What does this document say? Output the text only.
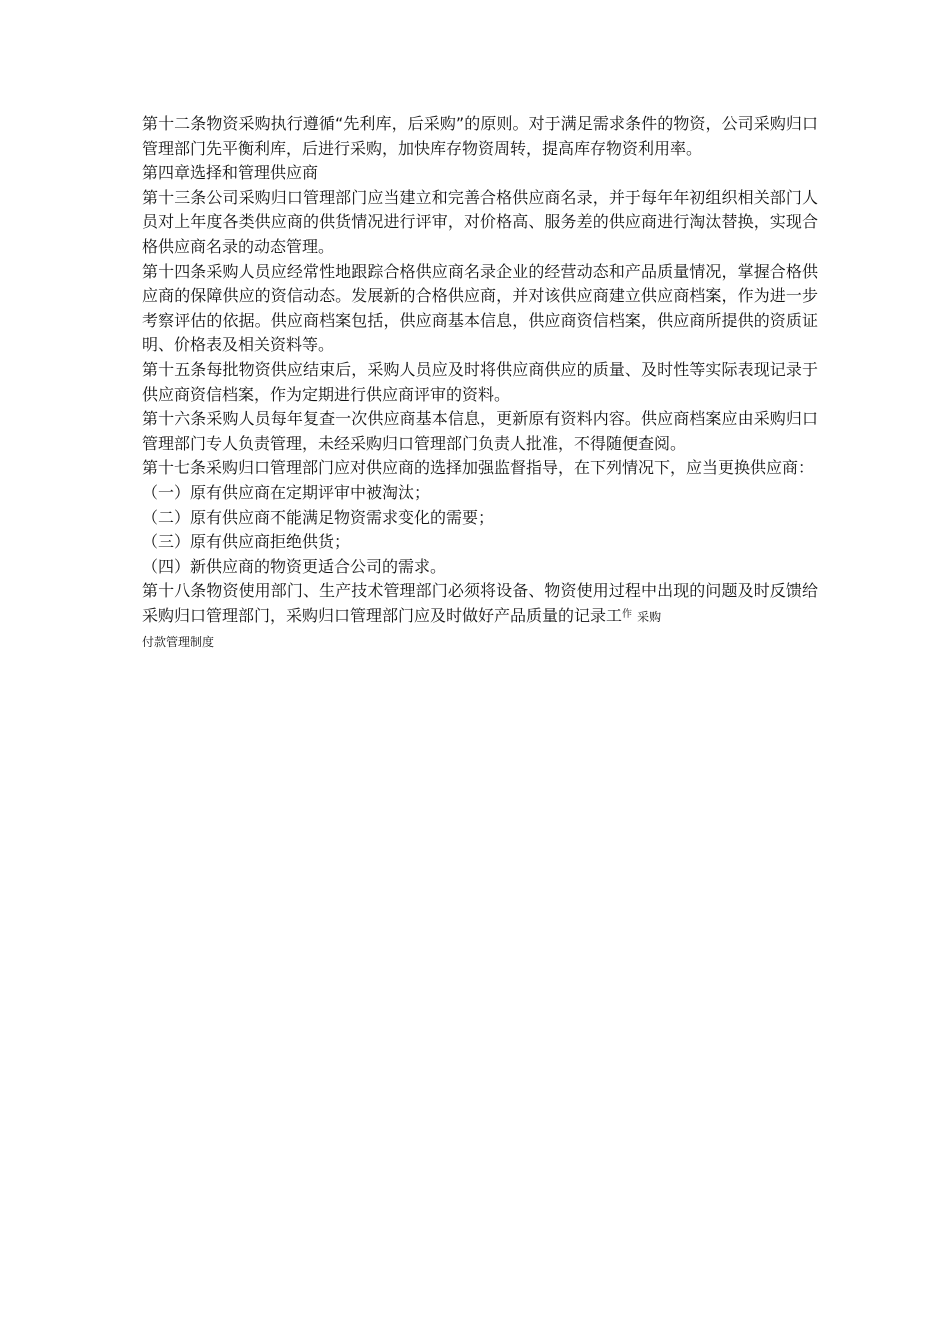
第十二条物资采购执行遵循“先利库，后采购”的原则。对于满足需求条件的物资，公司采购归口管理部门先平衡利库，后进行采购，加快库存物资周转，提高库存物资利用率。

第四章选择和管理供应商

第十三条公司采购归口管理部门应当建立和完善合格供应商名录，并于每年年初组织相关部门人员对上年度各类供应商的供货情况进行评审，对价格高、服务差的供应商进行淘汰替换，实现合格供应商名录的动态管理。

第十四条采购人员应经常性地跟踪合格供应商名录企业的经营动态和产品质量情况，掌握合格供应商的保障供应的资信动态。发展新的合格供应商，并对该供应商建立供应商档案，作为进一步考察评估的依据。供应商档案包括，供应商基本信息，供应商资信档案，供应商所提供的资质证明、价格表及相关资料等。

第十五条每批物资供应结束后，采购人员应及时将供应商供应的质量、及时性等实际表现记录于供应商资信档案，作为定期进行供应商评审的资料。

第十六条采购人员每年复查一次供应商基本信息，更新原有资料内容。供应商档案应由采购归口管理部门专人负责管理，未经采购归口管理部门负责人批准，不得随便查阅。

第十七条采购归口管理部门应对供应商的选择加强监督指导，在下列情况下，应当更换供应商：

（一）原有供应商在定期评审中被淘汰；

（二）原有供应商不能满足物资需求变化的需要；

（三）原有供应商拒绝供货；

（四）新供应商的物资更适合公司的需求。

第十八条物资使用部门、生产技术管理部门必须将设备、物资使用过程中出现的问题及时反馈给采购归口管理部门，采购归口管理部门应及时做好产品质量的记录工$^作$ 采购

付款管理制度
